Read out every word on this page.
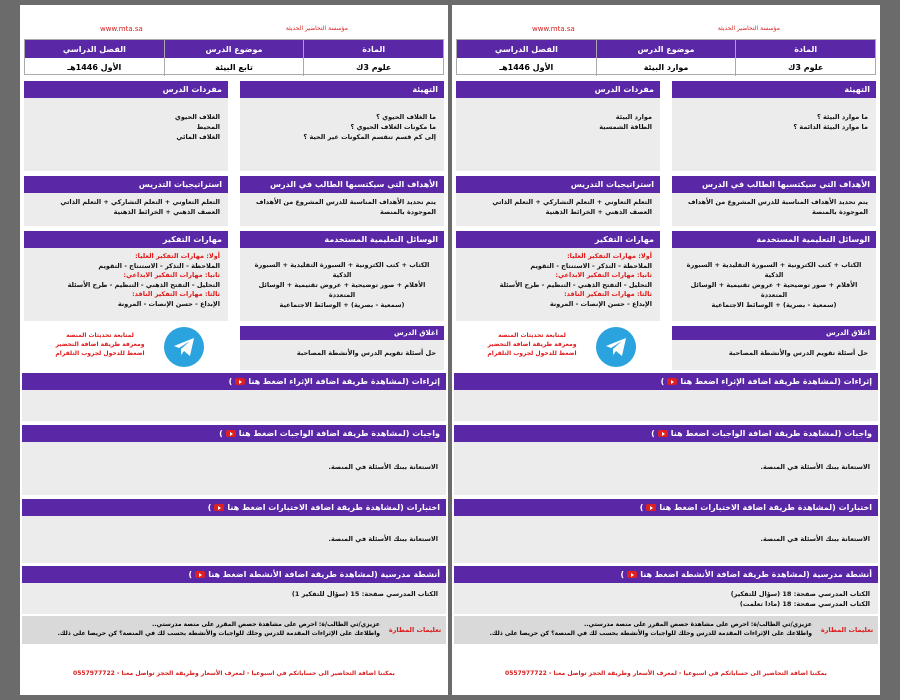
www.mta.sa	مؤسسة التحاضير الحديثة
المادة
موضوع الدرس
الفصل الدراسي
علوم 3ك
تابع البيئة
الأول 1446هـ
التهيئة
ما الغلاف الحيوي ؟
ما مكونات الغلاف الحيوي ؟
إلى كم قسم تنقسم المكونات غير الحية ؟
مفردات الدرس
الغلاف الحيوي
المحيط
الغلاف المائي
الأهداف التي سيكتسبها الطالب في الدرس
يتم تحديد الأهداف المناسبة للدرس المشروع من الأهداف الموجودة بالمنصة
استراتيجيات التدريس
التعلم التعاوني + التعلم التشاركي + التعلم الذاتي
العصف الذهني + الخرائط الذهنية
الوسائل التعليمية المستخدمة
الكتاب + كتب الكترونية + السبورة التقليدية + السبورة الذكية
الأقلام + صور توضيحية + عروض تقنيمية + الوسائل المتعددة
(سمعية - بصرية) + الوسائط الاجتماعية
مهارات التفكير
أولا: مهارات التفكير العليا:
الملاحظة - التذكر - الاستنتاج - التقويم
ثانيا: مهارات التفكير الابداعي:
التحليل - التفتح الذهني - التنظيم - طرح الأسئلة
ثالثا: مهارات التفكير الناقد:
الإبداع - حسن الإنصات - المرونة
اغلاق الدرس
حل أسئلة تقويم الدرس والأنشطة المصاحبة
لمتابعة تحديثات المنصة
ومعرفة طريقة اضافة التحضير
اضغط للدخول لجروب التلقرام
إثراءات (لمشاهدة طريقة اضافة الإثراء اضغط هنا
)
واجبات (لمشاهدة طريقة اضافة الواجبات اضغط هنا
)
الاستعانة ببنك الأسئلة في المنصة.
اختبارات (لمشاهدة طريقة اضافة الاختبارات اضغط هنا
)
الاستعانة ببنك الأسئلة في المنصة.
أنشطة مدرسية (لمشاهدة طريقة اضافة الأنشطة اضغط هنا
)
الكتاب المدرسي صفحة: 15 (سؤال للتفكير 1)
تعليمات المطارة
عزيزي/تي الطالب/ة: احرص على مشاهدة حصص المقرر على منصة مدرستي..
واطلاعك على الإثراءات المقدمة للدرس وحلك للواجبات والأنشطة بحسب لك في المنصة؟ كن حريصا على ذلك.
بمكننا اضافة التحاضير الى حساباتكم في اسبوعيا - لمعرف الأسعار وطريقة الحجز تواصل معنا - 0557977722
www.mta.sa	مؤسسة التحاضير الحديثة
المادة
موضوع الدرس
الفصل الدراسي
علوم 3ك
موارد البيئة
الأول 1446هـ
التهيئة
ما موارد البيئة ؟
ما موارد البيئة الدائمة ؟
مفردات الدرس
موارد البيئة
الطاقة الشمسية
الأهداف التي سيكتسبها الطالب في الدرس
يتم تحديد الأهداف المناسبة للدرس المشروع من الأهداف الموجودة بالمنصة
استراتيجيات التدريس
التعلم التعاوني + التعلم التشاركي + التعلم الذاتي
العصف الذهني + الخرائط الذهنية
الوسائل التعليمية المستخدمة
الكتاب + كتب الكترونية + السبورة التقليدية + السبورة الذكية
الأقلام + صور توضيحية + عروض تقنيمية + الوسائل المتعددة
(سمعية - بصرية) + الوسائط الاجتماعية
مهارات التفكير
أولا: مهارات التفكير العليا:
الملاحظة - التذكر - الاستنتاج - التقويم
ثانيا: مهارات التفكير الابداعي:
التحليل - التفتح الذهني - التنظيم - طرح الأسئلة
ثالثا: مهارات التفكير الناقد:
الإبداع - حسن الإنصات - المرونة
اغلاق الدرس
حل أسئلة تقويم الدرس والأنشطة المصاحبة
لمتابعة تحديثات المنصة
ومعرفة طريقة اضافة التحضير
اضغط للدخول لجروب التلقرام
إثراءات (لمشاهدة طريقة اضافة الإثراء اضغط هنا
)
واجبات (لمشاهدة طريقة اضافة الواجبات اضغط هنا
)
الاستعانة ببنك الأسئلة في المنصة.
اختبارات (لمشاهدة طريقة اضافة الاختبارات اضغط هنا
)
الاستعانة ببنك الأسئلة في المنصة.
أنشطة مدرسية (لمشاهدة طريقة اضافة الأنشطة اضغط هنا
)
الكتاب المدرسي صفحة: 18 (سؤال للتفكير)
الكتاب المدرسي صفحة: 18 (ماذا تعلمت)
تعليمات المطارة
عزيزي/تي الطالب/ة: احرص على مشاهدة حصص المقرر على منصة مدرستي..
واطلاعك على الإثراءات المقدمة للدرس وحلك للواجبات والأنشطة بحسب لك في المنصة؟ كن حريصا على ذلك.
بمكننا اضافة التحاضير الى حساباتكم في اسبوعيا - لمعرف الأسعار وطريقة الحجز تواصل معنا - 0557977722
